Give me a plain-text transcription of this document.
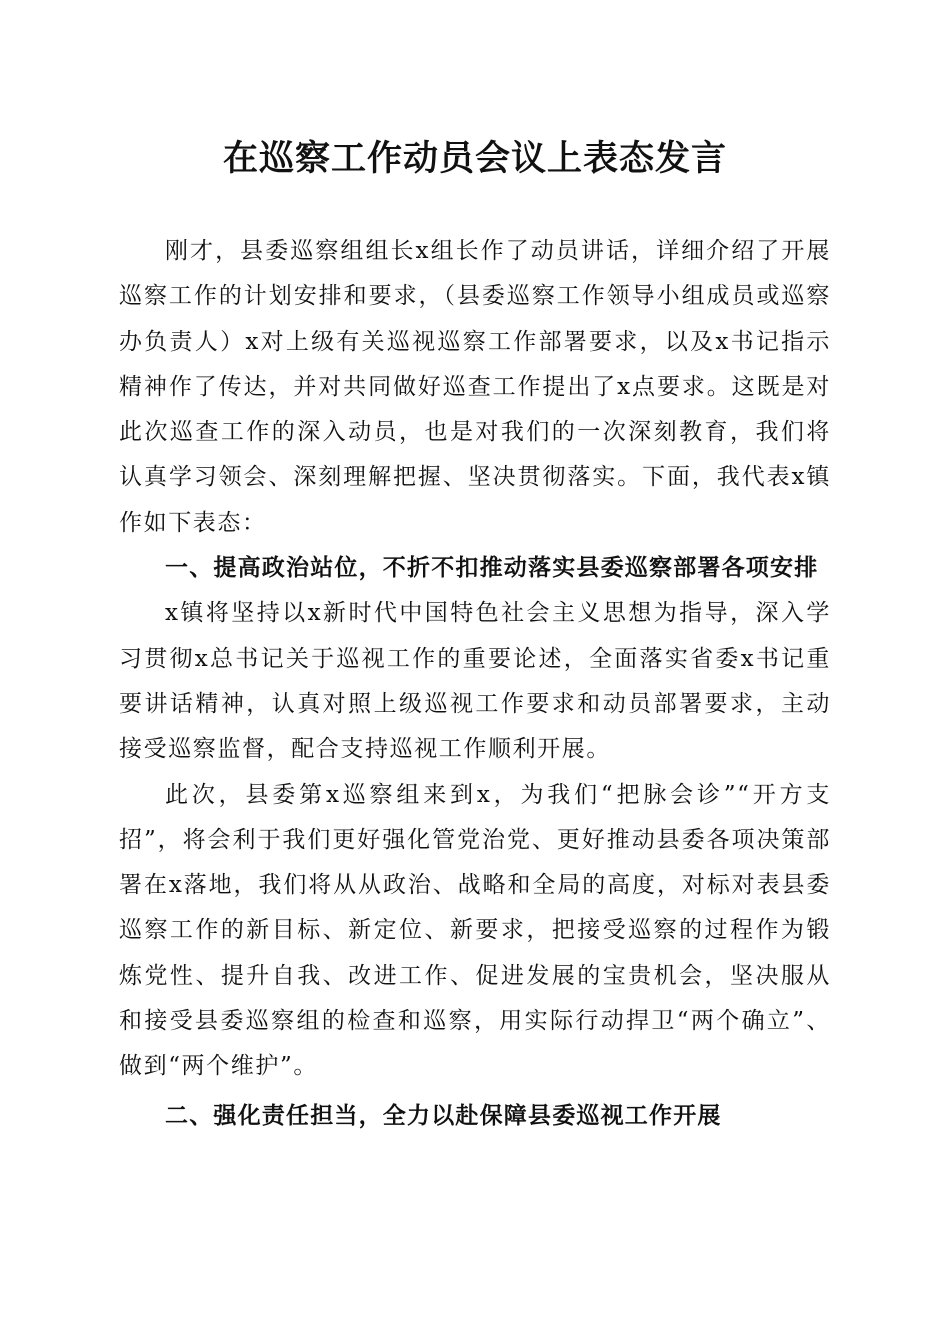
在巡察工作动员会议上表态发言

刚才，县委巡察组组长x组长作了动员讲话，详细介绍了开展巡察工作的计划安排和要求，（县委巡察工作领导小组成员或巡察办负责人）x对上级有关巡视巡察工作部署要求，以及x书记指示精神作了传达，并对共同做好巡查工作提出了x点要求。这既是对此次巡查工作的深入动员，也是对我们的一次深刻教育，我们将认真学习领会、深刻理解把握、坚决贯彻落实。下面，我代表x镇作如下表态：

一、提高政治站位，不折不扣推动落实县委巡察部署各项安排

x镇将坚持以x新时代中国特色社会主义思想为指导，深入学习贯彻x总书记关于巡视工作的重要论述，全面落实省委x书记重要讲话精神，认真对照上级巡视工作要求和动员部署要求，主动接受巡察监督，配合支持巡视工作顺利开展。

此次，县委第x巡察组来到x，为我们“把脉会诊”“开方支招”，将会利于我们更好强化管党治党、更好推动县委各项决策部署在x落地，我们将从从政治、战略和全局的高度，对标对表县委巡察工作的新目标、新定位、新要求，把接受巡察的过程作为锻炼党性、提升自我、改进工作、促进发展的宝贵机会，坚决服从和接受县委巡察组的检查和巡察，用实际行动捍卫“两个确立”、做到“两个维护”。

二、强化责任担当，全力以赴保障县委巡视工作开展
